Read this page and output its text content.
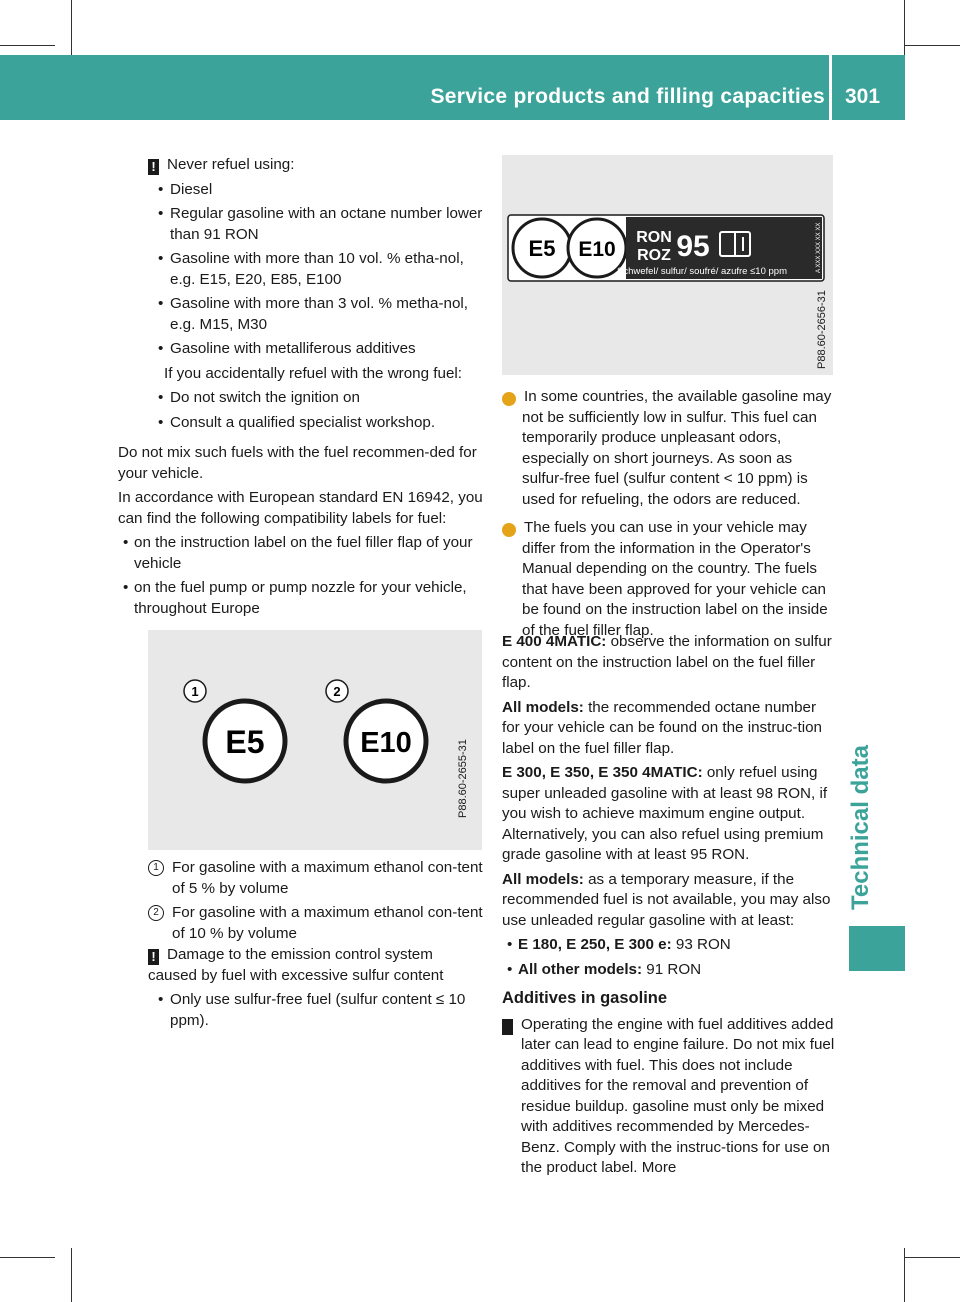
Service products and filling capacities 301
Technical data

! Never refuel using:

• Diesel
• Regular gasoline with an octane number lower than 91 RON
• Gasoline with more than 10 vol. % etha-nol, e.g. E15, E20, E85, E100
• Gasoline with more than 3 vol. % metha-nol, e.g. M15, M30
• Gasoline with metalliferous additives

If you accidentally refuel with the wrong fuel:

• Do not switch the ignition on
• Consult a qualified specialist workshop.

Do not mix such fuels with the fuel recommen-ded for your vehicle.

In accordance with European standard EN 16942, you can find the following compatibility labels for fuel:

• on the instruction label on the fuel filler flap of your vehicle
• on the fuel pump or pump nozzle for your vehicle, throughout Europe
1	2
E5	E10	P88.60-2655-31
1 For gasoline with a maximum ethanol con-tent of 5 % by volume
2 For gasoline with a maximum ethanol con-tent of 10 % by volume

! Damage to the emission control system caused by fuel with excessive sulfur content

• Only use sulfur-free fuel (sulfur content ≤ 10 ppm).
E5 E10
RON
ROZ 95
Schwefel/ sulfur/ soufré/ azufre ≤10 ppm	A XXX XXX XX XX
P88.60-2656-31

i In some countries, the available gasoline may not be sufficiently low in sulfur. This fuel can temporarily produce unpleasant odors, especially on short journeys. As soon as sulfur-free fuel (sulfur content < 10 ppm) is used for refueling, the odors are reduced.

i The fuels you can use in your vehicle may differ from the information in the Operator's Manual depending on the country. The fuels that have been approved for your vehicle can be found on the instruction label on the inside of the fuel filler flap.

E 400 4MATIC: observe the information on sulfur content on the instruction label on the fuel filler flap.

All models: the recommended octane number for your vehicle can be found on the instruc-tion label on the fuel filler flap.

E 300, E 350, E 350 4MATIC: only refuel using super unleaded gasoline with at least 98 RON, if you wish to achieve maximum engine output. Alternatively, you can also refuel using premium grade gasoline with at least 95 RON.

All models: as a temporary measure, if the recommended fuel is not available, you may also use unleaded regular gasoline with at least:

• E 180, E 250, E 300 e: 93 RON
• All other models: 91 RON
Additives in gasoline

! Operating the engine with fuel additives added later can lead to engine failure. Do not mix fuel additives with fuel. This does not include additives for the removal and prevention of residue buildup. gasoline must only be mixed with additives recommended by Mercedes-Benz. Comply with the instruc-tions for use on the product label. More
